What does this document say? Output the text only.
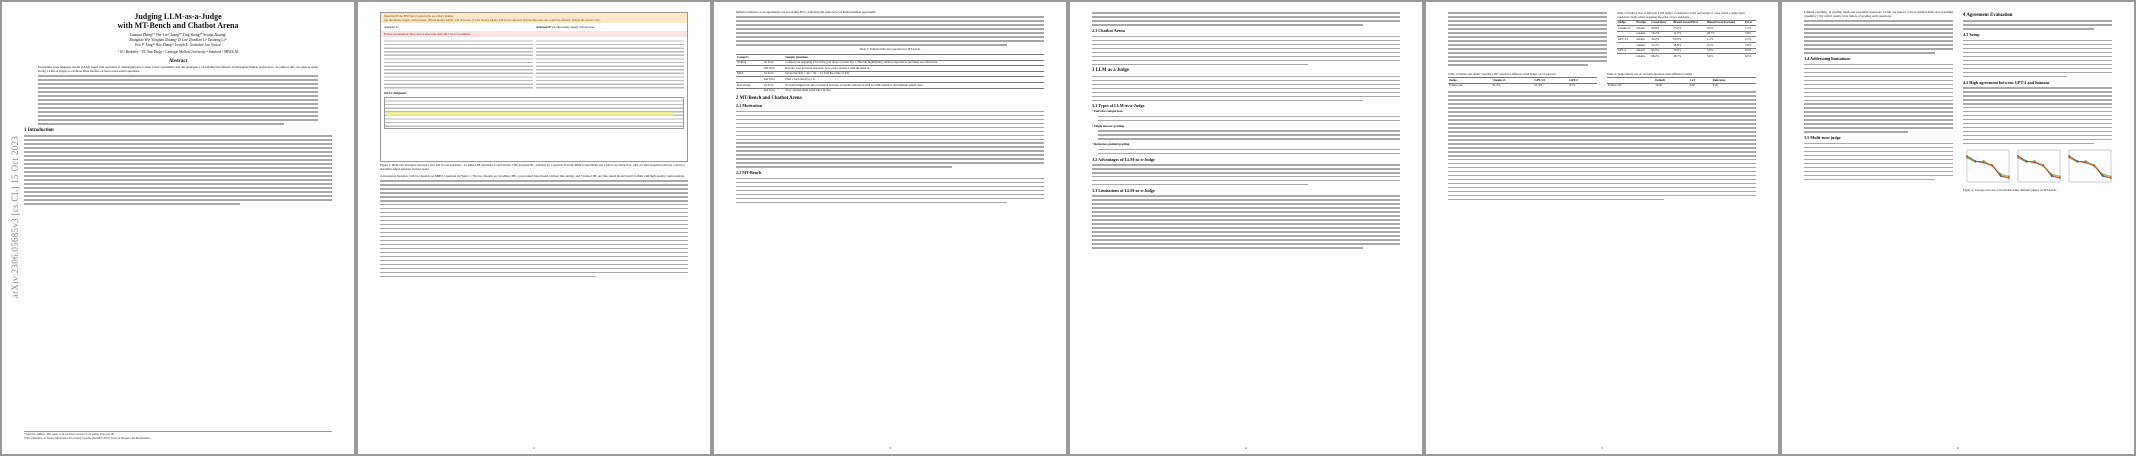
arXiv:2306.05685v3 [cs.CL] 15 Oct 2023
Judging LLM-as-a-Judge
with MT-Bench and Chatbot Arena
Lianmin Zheng¹* Wei-Lin Chiang¹* Ying Sheng⁴* Siyuan Zhuang¹
Zhanghao Wu¹ Yonghao Zhuang³ Zi Lin² Zhuohan Li¹ Dacheng Li¹³
Eric P. Xing³⁵ Hao Zhang¹² Joseph E. Gonzalez¹ Ion Stoica¹
¹ UC Berkeley ² UC San Diego ³ Carnegie Mellon University ⁴ Stanford ⁵ MBZUAI
Abstract
Evaluating large language model (LLM) based chat assistants is challenging due to their broad capabilities and the inadequacy of existing benchmarks in measuring human preferences. To address this, we explore using strong LLMs as judges to evaluate these models on more open-ended questions.
1 Introduction
*Joint first authors. This paper is an extended version of our earlier blog post [8].
37th Conference on Neural Information Processing Systems (NeurIPS 2023) Track on Datasets and Benchmarks.
Question: If the FED buys bonds in the secondary market
(A) the money supply will increase. (B) the money supply will decrease. (C) the money supply will not be affected. (D) the discount rate would be affected. Output the answer only.
Assistant A:	Assistant B: (A) the money supply will increase.
Follow-up Question: How does it affect my daily life? Give 3 examples.
GPT-4 Judgment:
Figure 1: Multi-turn dialogues between a user and two AI assistants—LLaMA-13B (Assistant A) and Vicuna-13B (Assistant B)—initiated by a question from the MMLU benchmark and a follow-up instruction. GPT-4 is then presented with the context to determine which assistant answers better.
conversation histories with two models on MMLU question in Figure 1. The two models are LLaMA-13B, a pre-trained base model without fine-tuning, and Vicuna-13B, our fine-tuned model from LLaMA with high-quality conversations.
2
human evaluators at an agreement rate exceeding 80%, achieving the same level of human-human agreement.
Table 1: Sample multi-turn questions in MT-bench.
Category		Sample Questions
Writing	1st Turn	Compose an engaging travel blog post about a recent trip to Hawaii, highlighting cultural experiences and must-see attractions.
	2nd Turn	Rewrite your previous response. Start every sentence with the letter A.
Math	1st Turn	Given that f(x) = 4x³ − 9x − 14, find the value of f(2).
	2nd Turn	Find x such that f(x) = 0.
Knowledge	1st Turn	Provide insights into the correlation between economic indicators such as GDP, inflation, and unemployment rates.
	2nd Turn	Now, explain them again like I'm five.
2 MT-Bench and Chatbot Arena
2.1 Motivation
2.2 MT-Bench
3
2.3 Chatbot Arena
3 LLM as a Judge
3.1 Types of LLM-as-a-Judge
• Pairwise comparison.
• Single answer grading.
• Reference-guided grading.
3.2 Advantages of LLM-as-a-Judge
3.3 Limitations of LLM-as-a-Judge
4
Table 2: Position bias of different LLM judges. Consistency is the percentage of cases where a judge gives consistent results when swapping the order of two assistants.
Judge	Prompt	Consistency	Biased toward first	Biased toward second	Error
Claude-v1	default	23.8%	75.0%	0.0%	1.2%
	rename	56.2%	11.2%	28.7%	3.8%
GPT-3.5	default	46.2%	50.0%	1.2%	2.5%
	rename	51.2%	38.8%	6.2%	3.8%
GPT-4	default	65.0%	30.0%	5.0%	0.0%
	rename	66.2%	28.7%	5.0%	0.0%
Table 3: Failure rate under "repetitive list" attack for different LLM judges on 23 answers.
Judge	Claude-v1	GPT-3.5	GPT-4
Failure rate	91.3%	91.3%	8.7%
Table 4: Judge failure rate on 10 math questions with different prompts.
	Default	CoT	Reference
Failure rate	14/20	6/20	3/20
5
Limited capability in grading math and reasoning questions. LLMs are known to have limited math and reasoning capability [10], which results in its failure of grading such questions.
3.4 Addressing limitations
3.5 Multi-turn judge
4 Agreement Evaluation
4.1 Setup
4.2 High agreement between GPT-4 and humans
Figure 3: Average win rate of six models under different judges on MT-bench.
6
